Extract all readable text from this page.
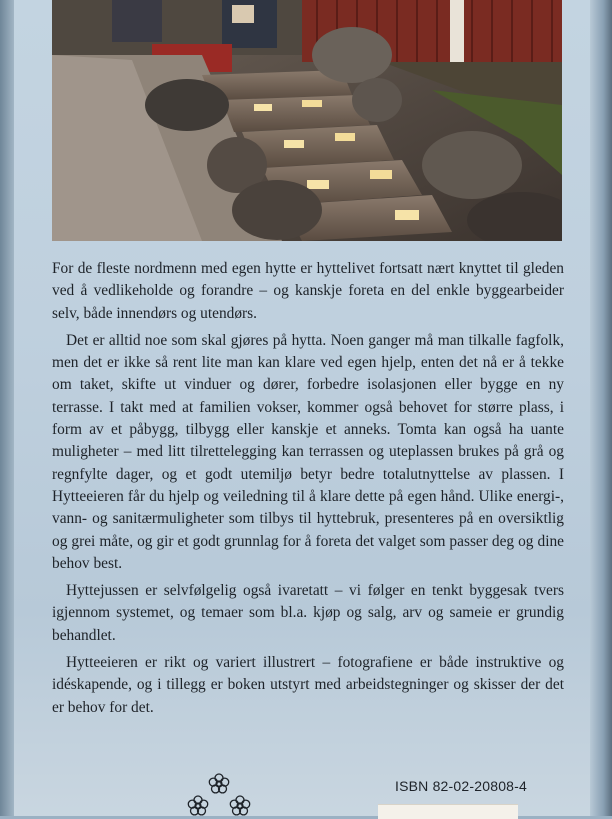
For de fleste nordmenn med egen hytte er hyttelivet fortsatt nært knyttet til gleden ved å vedlikeholde og forandre – og kanskje foreta en del enkle byggearbeider selv, både innendørs og utendørs.

Det er alltid noe som skal gjøres på hytta. Noen ganger må man tilkalle fagfolk, men det er ikke så rent lite man kan klare ved egen hjelp, enten det nå er å tekke om taket, skifte ut vinduer og dører, forbedre isolasjonen eller bygge en ny terrasse. I takt med at familien vokser, kommer også behovet for større plass, i form av et påbygg, tilbygg eller kanskje et anneks. Tomta kan også ha uante muligheter – med litt tilrettelegging kan terrassen og uteplassen brukes på grå og regnfylte dager, og et godt utemiljø betyr bedre totalutnyttelse av plassen. I Hytteeieren får du hjelp og veiledning til å klare dette på egen hånd. Ulike energi-, vann- og sanitærmuligheter som tilbys til hyttebruk, presenteres på en oversiktlig og grei måte, og gir et godt grunnlag for å foreta det valget som passer deg og dine behov best.

Hyttejussen er selvfølgelig også ivaretatt – vi følger en tenkt byggesak tvers igjennom systemet, og temaer som bl.a. kjøp og salg, arv og sameie er grundig behandlet.

Hytteeieren er rikt og variert illustrert – fotografiene er både instruktive og idéskapende, og i tillegg er boken utstyrt med arbeidstegninger og skisser der det er behov for det.

ISBN 82-02-20808-4
